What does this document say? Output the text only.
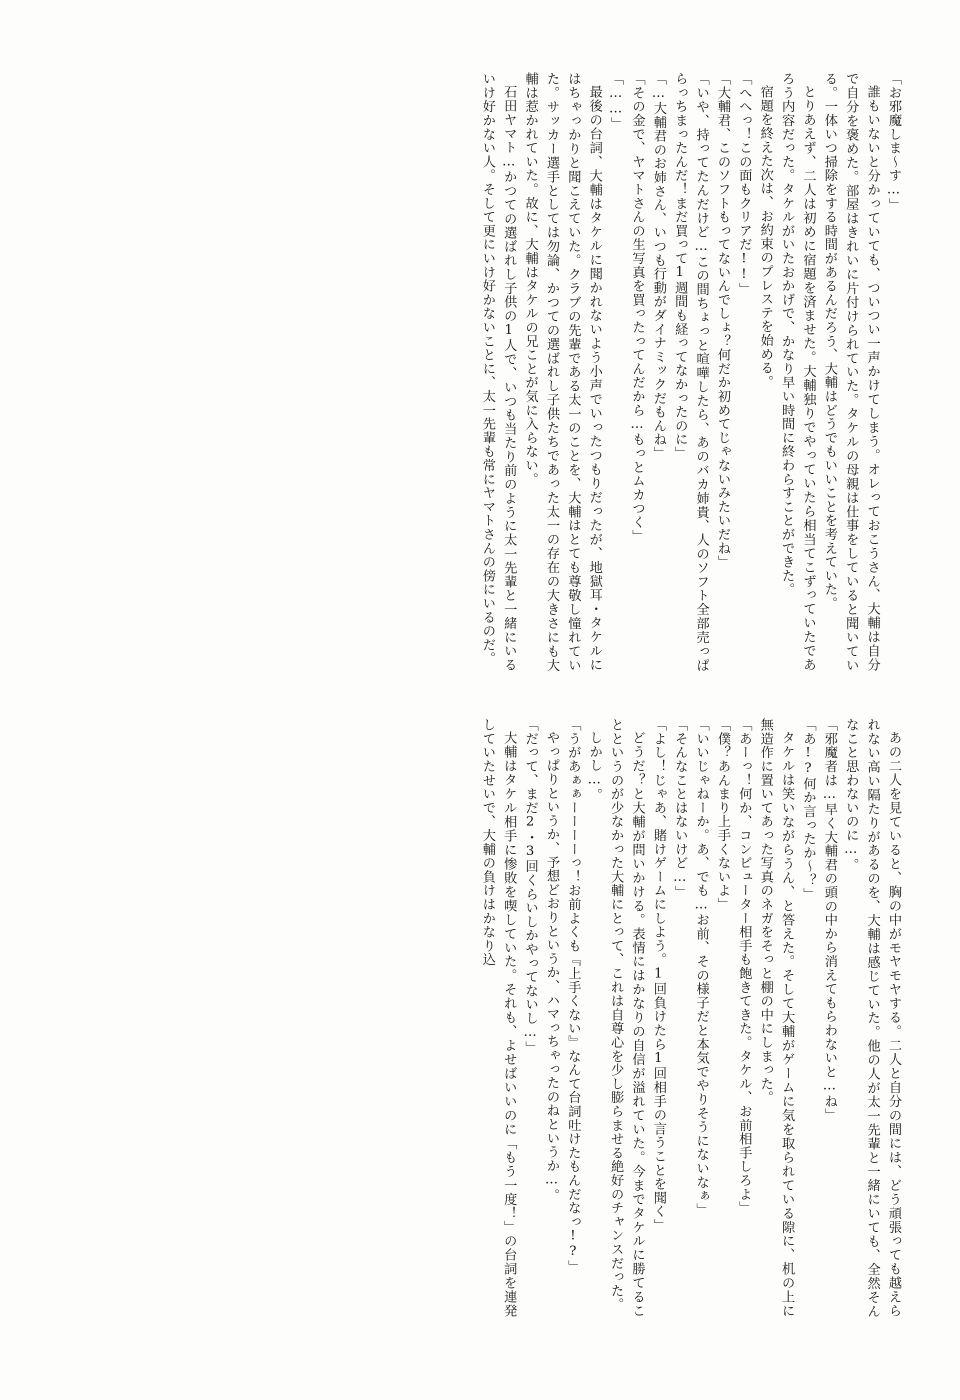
「お邪魔しま～す…」

誰もいないと分かっていても、ついつい一声かけてしまう。オレっておこうさん、大輔は自分で自分を褒めた。部屋はきれいに片付けられていた。タケルの母親は仕事をしていると聞いている。一体いつ掃除をする時間があるんだろう、大輔はどうでもいいことを考えていた。

とりあえず、二人は初めに宿題を済ませた。大輔独りでやっていたら相当てこずっていたであろう内容だった。タケルがいたおかげで、かなり早い時間に終わらすことができた。

宿題を終えた次は、お約束のプレステを始める。

「へへっ！この面もクリアだ!!」

「大輔君、このソフトもってないんでしょ？何だか初めてじゃないみたいだね」

「いや、持ってたんだけど…この間ちょっと喧嘩したら、あのバカ姉貴、人のソフト全部売っぱらっちまったんだ！まだ買って1週間も経ってなかったのに」

「…大輔君のお姉さん、いつも行動がダイナミックだもんね」

「その金で、ヤマトさんの生写真を買ったってんだから…もっとムカつく」

「……」

最後の台詞、大輔はタケルに聞かれないよう小声でいったつもりだったが、地獄耳・タケルにはちゃっかりと聞こえていた。クラブの先輩である太一のことを、大輔はとても尊敬し憧れていた。サッカー選手としては勿論、かつての選ばれし子供たちであった太一の存在の大きさにも大輔は惹かれていた。故に、大輔はタケルの兄ことが気に入らない。

石田ヤマト…かつての選ばれし子供の1人で、いつも当たり前のように太一先輩と一緒にいるいけ好かない人。そして更にいけ好かないことに、太一先輩も常にヤマトさんの傍にいるのだ。

あの二人を見ていると、胸の中がモヤモヤする。二人と自分の間には、どう頑張っても越えられない高い隔たりがあるのを、大輔は感じていた。他の人が太一先輩と一緒にいても、全然そんなこと思わないのに…。

「邪魔者は…早く大輔君の頭の中から消えてもらわないと…ね」

「あ!?何か言ったか～？」

タケルは笑いながらうん、と答えた。そして大輔がゲームに気を取られている隙に、机の上に無造作に置いてあった写真のネガをそっと棚の中にしまった。

「あーっ！何か、コンピューター相手も飽きてきた。タケル、お前相手しろよ」

「僕？あんまり上手くないよ」

「いいじゃねーか。あ、でも…お前、その様子だと本気でやりそうにないなぁ」

「そんなことはないけど…」

「よし！じゃあ、賭けゲームにしよう。1回負けたら1回相手の言うことを聞く」

どうだ？と大輔が問いかける。表情にはかなりの自信が溢れていた。今までタケルに勝てることというのが少なかった大輔にとって、これは自尊心を少し膨らませる絶好のチャンスだった。

しかし…。

「うがあぁぁーーーーっ！お前よくも『上手くない』なんて台詞吐けたもんだなっ!?」

やっぱりというか、予想どおりというか、ハマっちゃったのねというか…。

「だって、まだ2・3回くらいしかやってないし…」

大輔はタケル相手に惨敗を喫していた。それも、よせばいいのに「もう一度！」の台詞を連発していたせいで、大輔の負けはかなり込
